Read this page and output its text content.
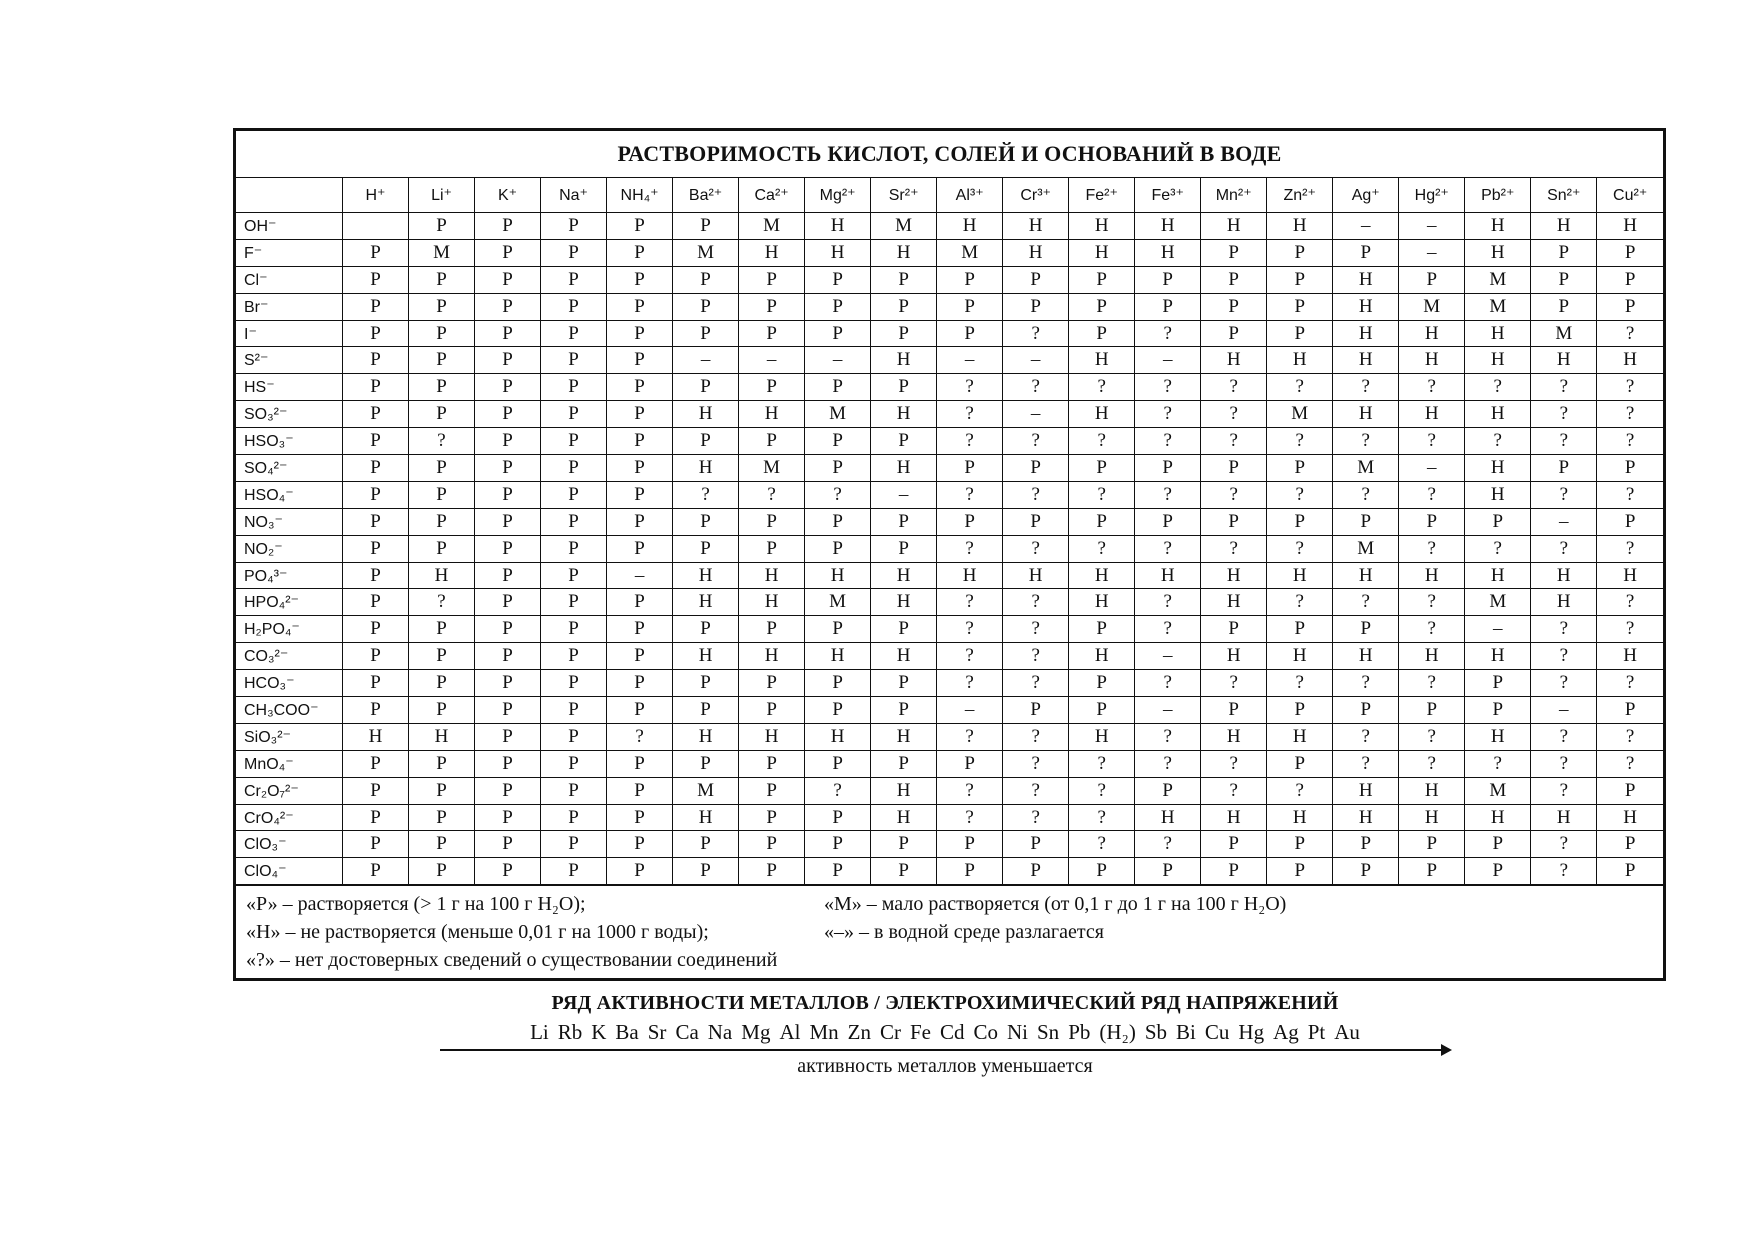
РАСТВОРИМОСТЬ КИСЛОТ, СОЛЕЙ И ОСНОВАНИЙ В ВОДЕ
	H⁺	Li⁺	K⁺	Na⁺	NH₄⁺	Ba²⁺	Ca²⁺	Mg²⁺	Sr²⁺	Al³⁺	Cr³⁺	Fe²⁺	Fe³⁺	Mn²⁺	Zn²⁺	Ag⁺	Hg²⁺	Pb²⁺	Sn²⁺	Cu²⁺
OH⁻		Р	Р	Р	Р	Р	М	Н	М	Н	Н	Н	Н	Н	Н	–	–	Н	Н	Н
F⁻	Р	М	Р	Р	Р	М	Н	Н	Н	М	Н	Н	Н	Р	Р	Р	–	Н	Р	Р
Cl⁻	Р	Р	Р	Р	Р	Р	Р	Р	Р	Р	Р	Р	Р	Р	Р	Н	Р	М	Р	Р
Br⁻	Р	Р	Р	Р	Р	Р	Р	Р	Р	Р	Р	Р	Р	Р	Р	Н	М	М	Р	Р
I⁻	Р	Р	Р	Р	Р	Р	Р	Р	Р	Р	?	Р	?	Р	Р	Н	Н	Н	М	?
S²⁻	Р	Р	Р	Р	Р	–	–	–	Н	–	–	Н	–	Н	Н	Н	Н	Н	Н	Н
HS⁻	Р	Р	Р	Р	Р	Р	Р	Р	Р	?	?	?	?	?	?	?	?	?	?	?
SO₃²⁻	Р	Р	Р	Р	Р	Н	Н	М	Н	?	–	Н	?	?	М	Н	Н	Н	?	?
HSO₃⁻	Р	?	Р	Р	Р	Р	Р	Р	Р	?	?	?	?	?	?	?	?	?	?	?
SO₄²⁻	Р	Р	Р	Р	Р	Н	М	Р	Н	Р	Р	Р	Р	Р	Р	М	–	Н	Р	Р
HSO₄⁻	Р	Р	Р	Р	Р	?	?	?	–	?	?	?	?	?	?	?	?	Н	?	?
NO₃⁻	Р	Р	Р	Р	Р	Р	Р	Р	Р	Р	Р	Р	Р	Р	Р	Р	Р	Р	–	Р
NO₂⁻	Р	Р	Р	Р	Р	Р	Р	Р	Р	?	?	?	?	?	?	М	?	?	?	?
PO₄³⁻	Р	Н	Р	Р	–	Н	Н	Н	Н	Н	Н	Н	Н	Н	Н	Н	Н	Н	Н	Н
HPO₄²⁻	Р	?	Р	Р	Р	Н	Н	М	Н	?	?	Н	?	Н	?	?	?	М	Н	?
H₂PO₄⁻	Р	Р	Р	Р	Р	Р	Р	Р	Р	?	?	Р	?	Р	Р	Р	?	–	?	?
CO₃²⁻	Р	Р	Р	Р	Р	Н	Н	Н	Н	?	?	Н	–	Н	Н	Н	Н	Н	?	Н
HCO₃⁻	Р	Р	Р	Р	Р	Р	Р	Р	Р	?	?	Р	?	?	?	?	?	Р	?	?
CH₃COO⁻	Р	Р	Р	Р	Р	Р	Р	Р	Р	–	Р	Р	–	Р	Р	Р	Р	Р	–	Р
SiO₃²⁻	Н	Н	Р	Р	?	Н	Н	Н	Н	?	?	Н	?	Н	Н	?	?	Н	?	?
MnO₄⁻	Р	Р	Р	Р	Р	Р	Р	Р	Р	Р	?	?	?	?	Р	?	?	?	?	?
Cr₂O₇²⁻	Р	Р	Р	Р	Р	М	Р	?	Н	?	?	?	Р	?	?	Н	Н	М	?	Р
CrO₄²⁻	Р	Р	Р	Р	Р	Н	Р	Р	Н	?	?	?	Н	Н	Н	Н	Н	Н	Н	Н
ClO₃⁻	Р	Р	Р	Р	Р	Р	Р	Р	Р	Р	Р	?	?	Р	Р	Р	Р	Р	?	Р
ClO₄⁻	Р	Р	Р	Р	Р	Р	Р	Р	Р	Р	Р	Р	Р	Р	Р	Р	Р	Р	?	Р
«Р» – растворяется (> 1 г на 100 г H₂O);	«М» – мало растворяется (от 0,1 г до 1 г на 100 г H₂O)
«Н» – не растворяется (меньше 0,01 г на 1000 г воды);	«–» – в водной среде разлагается
«?» – нет достоверных сведений о существовании соединений
РЯД АКТИВНОСТИ МЕТАЛЛОВ / ЭЛЕКТРОХИМИЧЕСКИЙ РЯД НАПРЯЖЕНИЙ
Li Rb K Ba Sr Ca Na Mg Al Mn Zn Cr Fe Cd Co Ni Sn Pb (H₂) Sb Bi Cu Hg Ag Pt Au
активность металлов уменьшается
